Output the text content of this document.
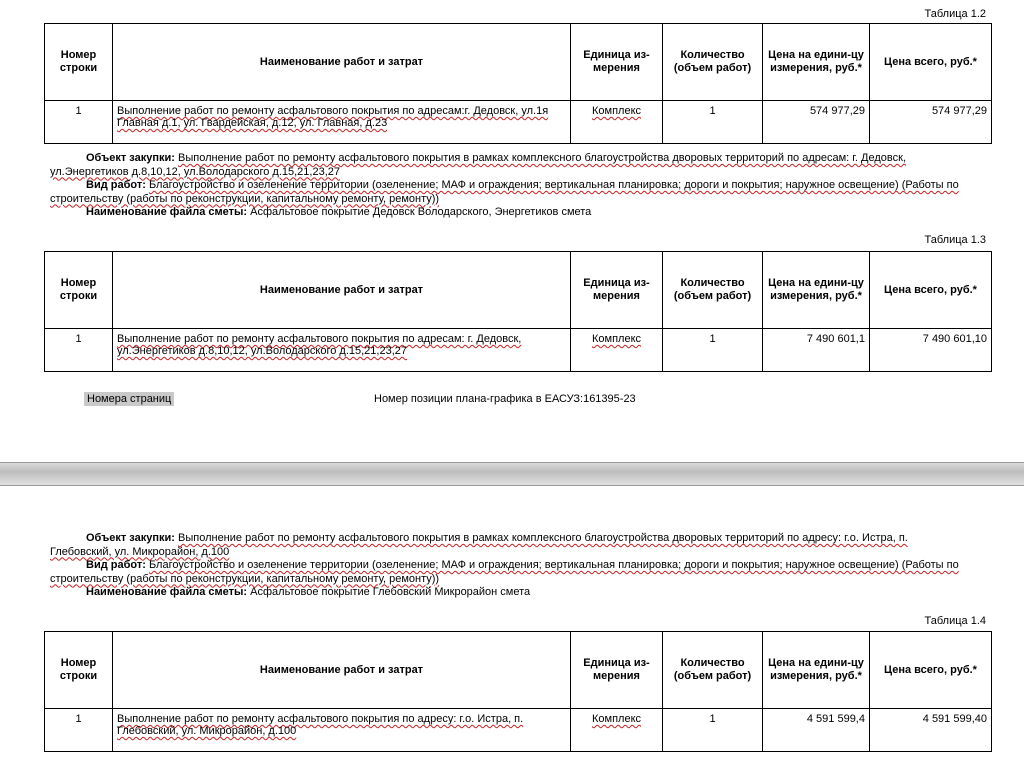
Таблица 1.2
Номер строки	Наименование работ и затрат	Единица из-мерения	Количество (объем работ)	Цена на едини-цу измерения, руб.*	Цена всего, руб.*
1	Выполнение работ по ремонту асфальтового покрытия по адресам:г. Дедовск, ул.1я Главная д.1, ул. Гвардейская, д.12, ул. Главная, д.23	Комплекс	1	574 977,29	574 977,29
Объект закупки: Выполнение работ по ремонту асфальтового покрытия в рамках комплексного благоустройства дворовых территорий по адресам: г. Дедовск, ул.Энергетиков д.8,10,12, ул.Володарского д.15,21,23,27
Вид работ: Благоустройство и озеленение территории (озеленение; МАФ и ограждения; вертикальная планировка; дороги и покрытия; наружное освещение) (Работы по строительству (работы по реконструкции, капитальному ремонту, ремонту))
Наименование файла сметы: Асфальтовое покрытие Дедовск Володарского, Энергетиков смета
Таблица 1.3
Номер строки	Наименование работ и затрат	Единица из-мерения	Количество (объем работ)	Цена на едини-цу измерения, руб.*	Цена всего, руб.*
1	Выполнение работ по ремонту асфальтового покрытия по адресам: г. Дедовск, ул.Энергетиков д.8,10,12, ул.Володарского д.15,21,23,27	Комплекс	1	7 490 601,1	7 490 601,10
Номера страниц	Номер позиции плана-графика в ЕАСУЗ:161395-23
Объект закупки: Выполнение работ по ремонту асфальтового покрытия в рамках комплексного благоустройства дворовых территорий по адресу: г.о. Истра, п. Глебовский, ул. Микрорайон, д.100
Вид работ: Благоустройство и озеленение территории (озеленение; МАФ и ограждения; вертикальная планировка; дороги и покрытия; наружное освещение) (Работы по строительству (работы по реконструкции, капитальному ремонту, ремонту))
Наименование файла сметы: Асфальтовое покрытие Глебовский Микрорайон смета
Таблица 1.4
Номер строки	Наименование работ и затрат	Единица из-мерения	Количество (объем работ)	Цена на едини-цу измерения, руб.*	Цена всего, руб.*
1	Выполнение работ по ремонту асфальтового покрытия по адресу: г.о. Истра, п. Глебовский, ул. Микрорайон, д.100	Комплекс	1	4 591 599,4	4 591 599,40
